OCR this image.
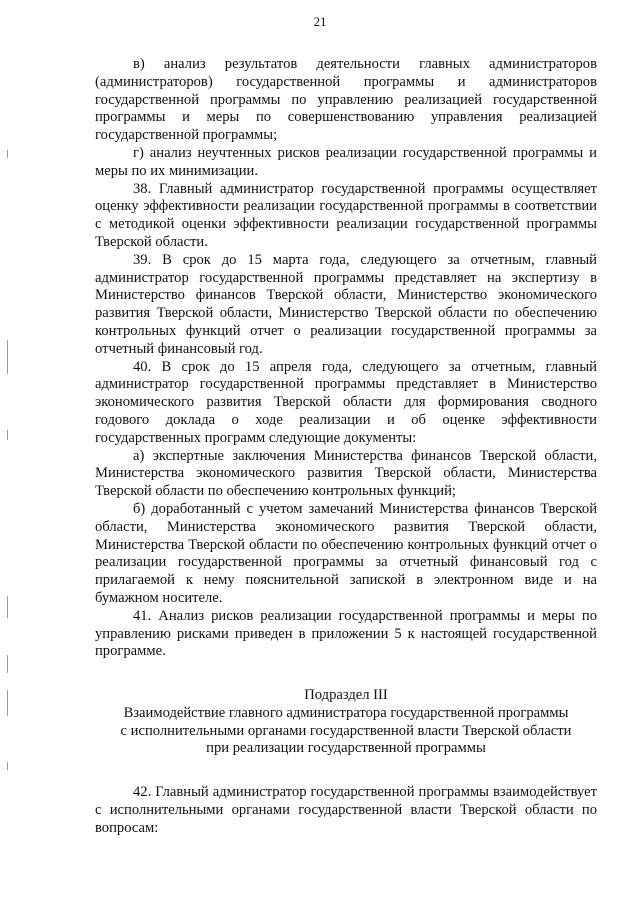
21

в) анализ результатов деятельности главных администраторов (администраторов) государственной программы и администраторов государственной программы по управлению реализацией государственной программы и меры по совершенствованию управления реализацией государственной программы;

г) анализ неучтенных рисков реализации государственной программы и меры по их минимизации.

38. Главный администратор государственной программы осуществляет оценку эффективности реализации государственной программы в соответствии с методикой оценки эффективности реализации государственной программы Тверской области.

39. В срок до 15 марта года, следующего за отчетным, главный администратор государственной программы представляет на экспертизу в Министерство финансов Тверской области, Министерство экономического развития Тверской области, Министерство Тверской области по обеспечению контрольных функций отчет о реализации государственной программы за отчетный финансовый год.

40. В срок до 15 апреля года, следующего за отчетным, главный администратор государственной программы представляет в Министерство экономического развития Тверской области для формирования сводного годового доклада о ходе реализации и об оценке эффективности государственных программ следующие документы:

а) экспертные заключения Министерства финансов Тверской области, Министерства экономического развития Тверской области, Министерства Тверской области по обеспечению контрольных функций;

б) доработанный с учетом замечаний Министерства финансов Тверской области, Министерства экономического развития Тверской области, Министерства Тверской области по обеспечению контрольных функций отчет о реализации государственной программы за отчетный финансовый год с прилагаемой к нему пояснительной запиской в электронном виде и на бумажном носителе.

41. Анализ рисков реализации государственной программы и меры по управлению рисками приведен в приложении 5 к настоящей государственной программе.

Подраздел III

Взаимодействие главного администратора государственной программы

с исполнительными органами государственной власти Тверской области

при реализации государственной программы

42. Главный администратор государственной программы взаимодействует с исполнительными органами государственной власти Тверской области по вопросам:
